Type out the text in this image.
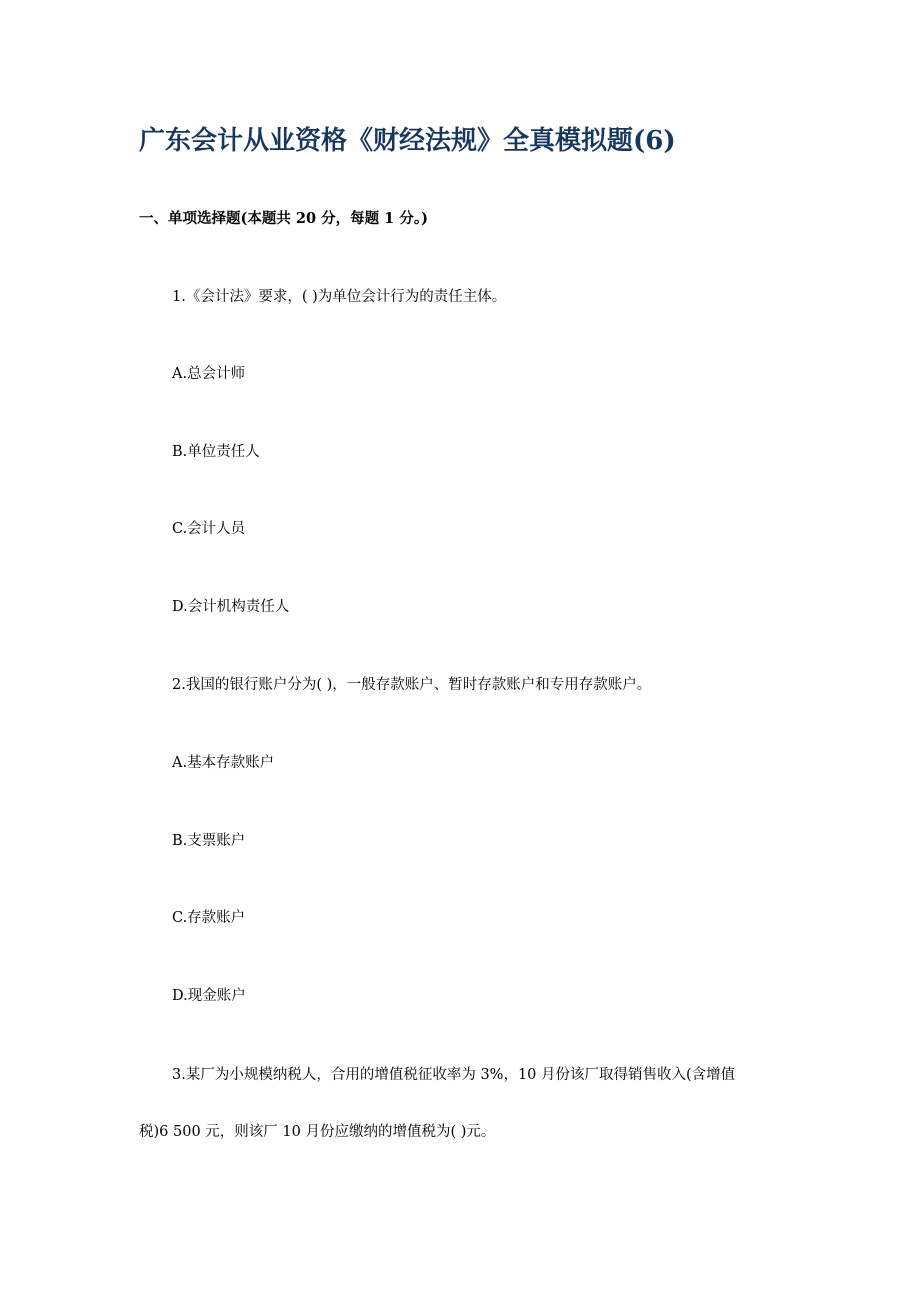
广东会计从业资格《财经法规》全真模拟题(6)
一、单项选择题(本题共 20 分，每题 1 分。)
1.《会计法》要求，( )为单位会计行为的责任主体。
A.总会计师
B.单位责任人
C.会计人员
D.会计机构责任人
2.我国的银行账户分为( )，一般存款账户、暂时存款账户和专用存款账户。
A.基本存款账户
B.支票账户
C.存款账户
D.现金账户
3.某厂为小规模纳税人，合用的增值税征收率为 3%，10 月份该厂取得销售收入(含增值
税)6 500 元，则该厂 10 月份应缴纳的增值税为( )元。
